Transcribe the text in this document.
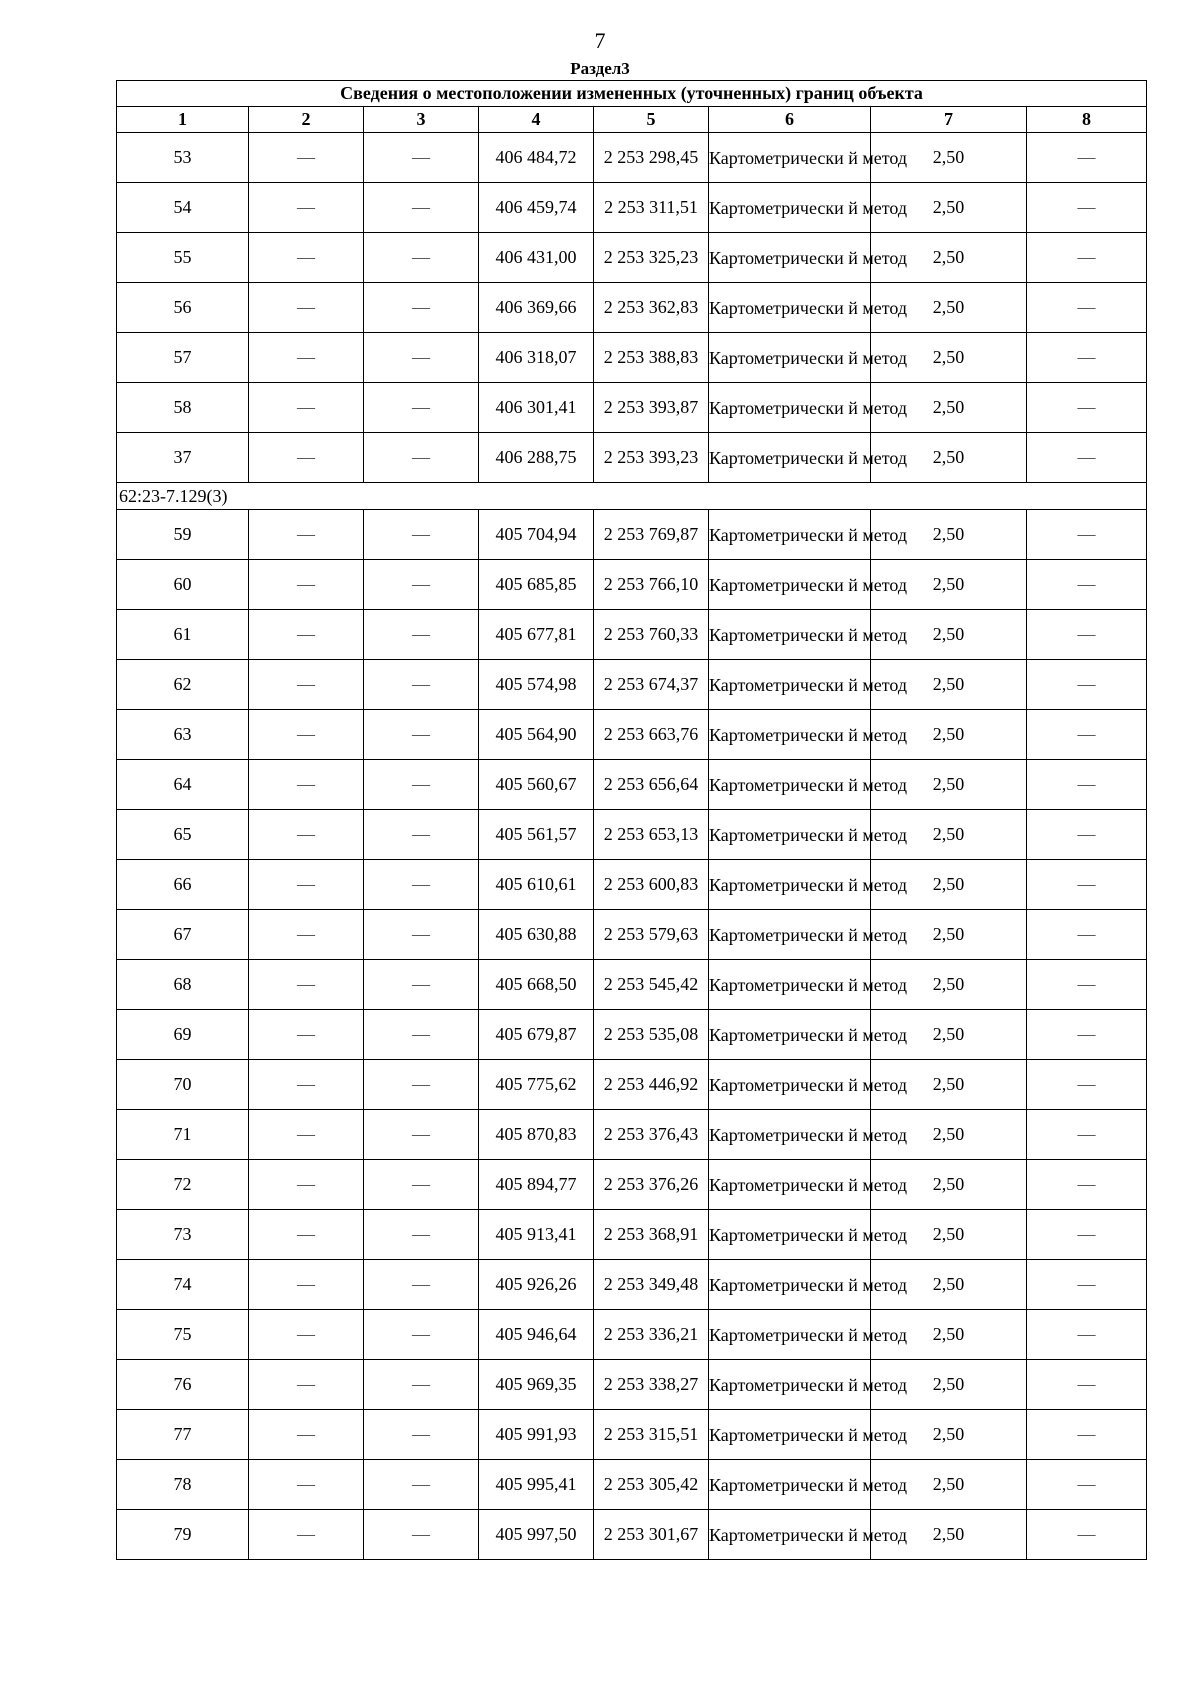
7
Раздел3
Сведения о местоположении измененных (уточненных) границ объекта							
1	2	3	4	5	6	7	8
53	—	—	406 484,72	2 253 298,45	Картометрически й метод	2,50	—
54	—	—	406 459,74	2 253 311,51	Картометрически й метод	2,50	—
55	—	—	406 431,00	2 253 325,23	Картометрически й метод	2,50	—
56	—	—	406 369,66	2 253 362,83	Картометрически й метод	2,50	—
57	—	—	406 318,07	2 253 388,83	Картометрически й метод	2,50	—
58	—	—	406 301,41	2 253 393,87	Картометрически й метод	2,50	—
37	—	—	406 288,75	2 253 393,23	Картометрически й метод	2,50	—
62:23-7.129(3)							
59	—	—	405 704,94	2 253 769,87	Картометрически й метод	2,50	—
60	—	—	405 685,85	2 253 766,10	Картометрически й метод	2,50	—
61	—	—	405 677,81	2 253 760,33	Картометрически й метод	2,50	—
62	—	—	405 574,98	2 253 674,37	Картометрически й метод	2,50	—
63	—	—	405 564,90	2 253 663,76	Картометрически й метод	2,50	—
64	—	—	405 560,67	2 253 656,64	Картометрически й метод	2,50	—
65	—	—	405 561,57	2 253 653,13	Картометрически й метод	2,50	—
66	—	—	405 610,61	2 253 600,83	Картометрически й метод	2,50	—
67	—	—	405 630,88	2 253 579,63	Картометрически й метод	2,50	—
68	—	—	405 668,50	2 253 545,42	Картометрически й метод	2,50	—
69	—	—	405 679,87	2 253 535,08	Картометрически й метод	2,50	—
70	—	—	405 775,62	2 253 446,92	Картометрически й метод	2,50	—
71	—	—	405 870,83	2 253 376,43	Картометрически й метод	2,50	—
72	—	—	405 894,77	2 253 376,26	Картометрически й метод	2,50	—
73	—	—	405 913,41	2 253 368,91	Картометрически й метод	2,50	—
74	—	—	405 926,26	2 253 349,48	Картометрически й метод	2,50	—
75	—	—	405 946,64	2 253 336,21	Картометрически й метод	2,50	—
76	—	—	405 969,35	2 253 338,27	Картометрически й метод	2,50	—
77	—	—	405 991,93	2 253 315,51	Картометрически й метод	2,50	—
78	—	—	405 995,41	2 253 305,42	Картометрически й метод	2,50	—
79	—	—	405 997,50	2 253 301,67	Картометрически й метод	2,50	—
